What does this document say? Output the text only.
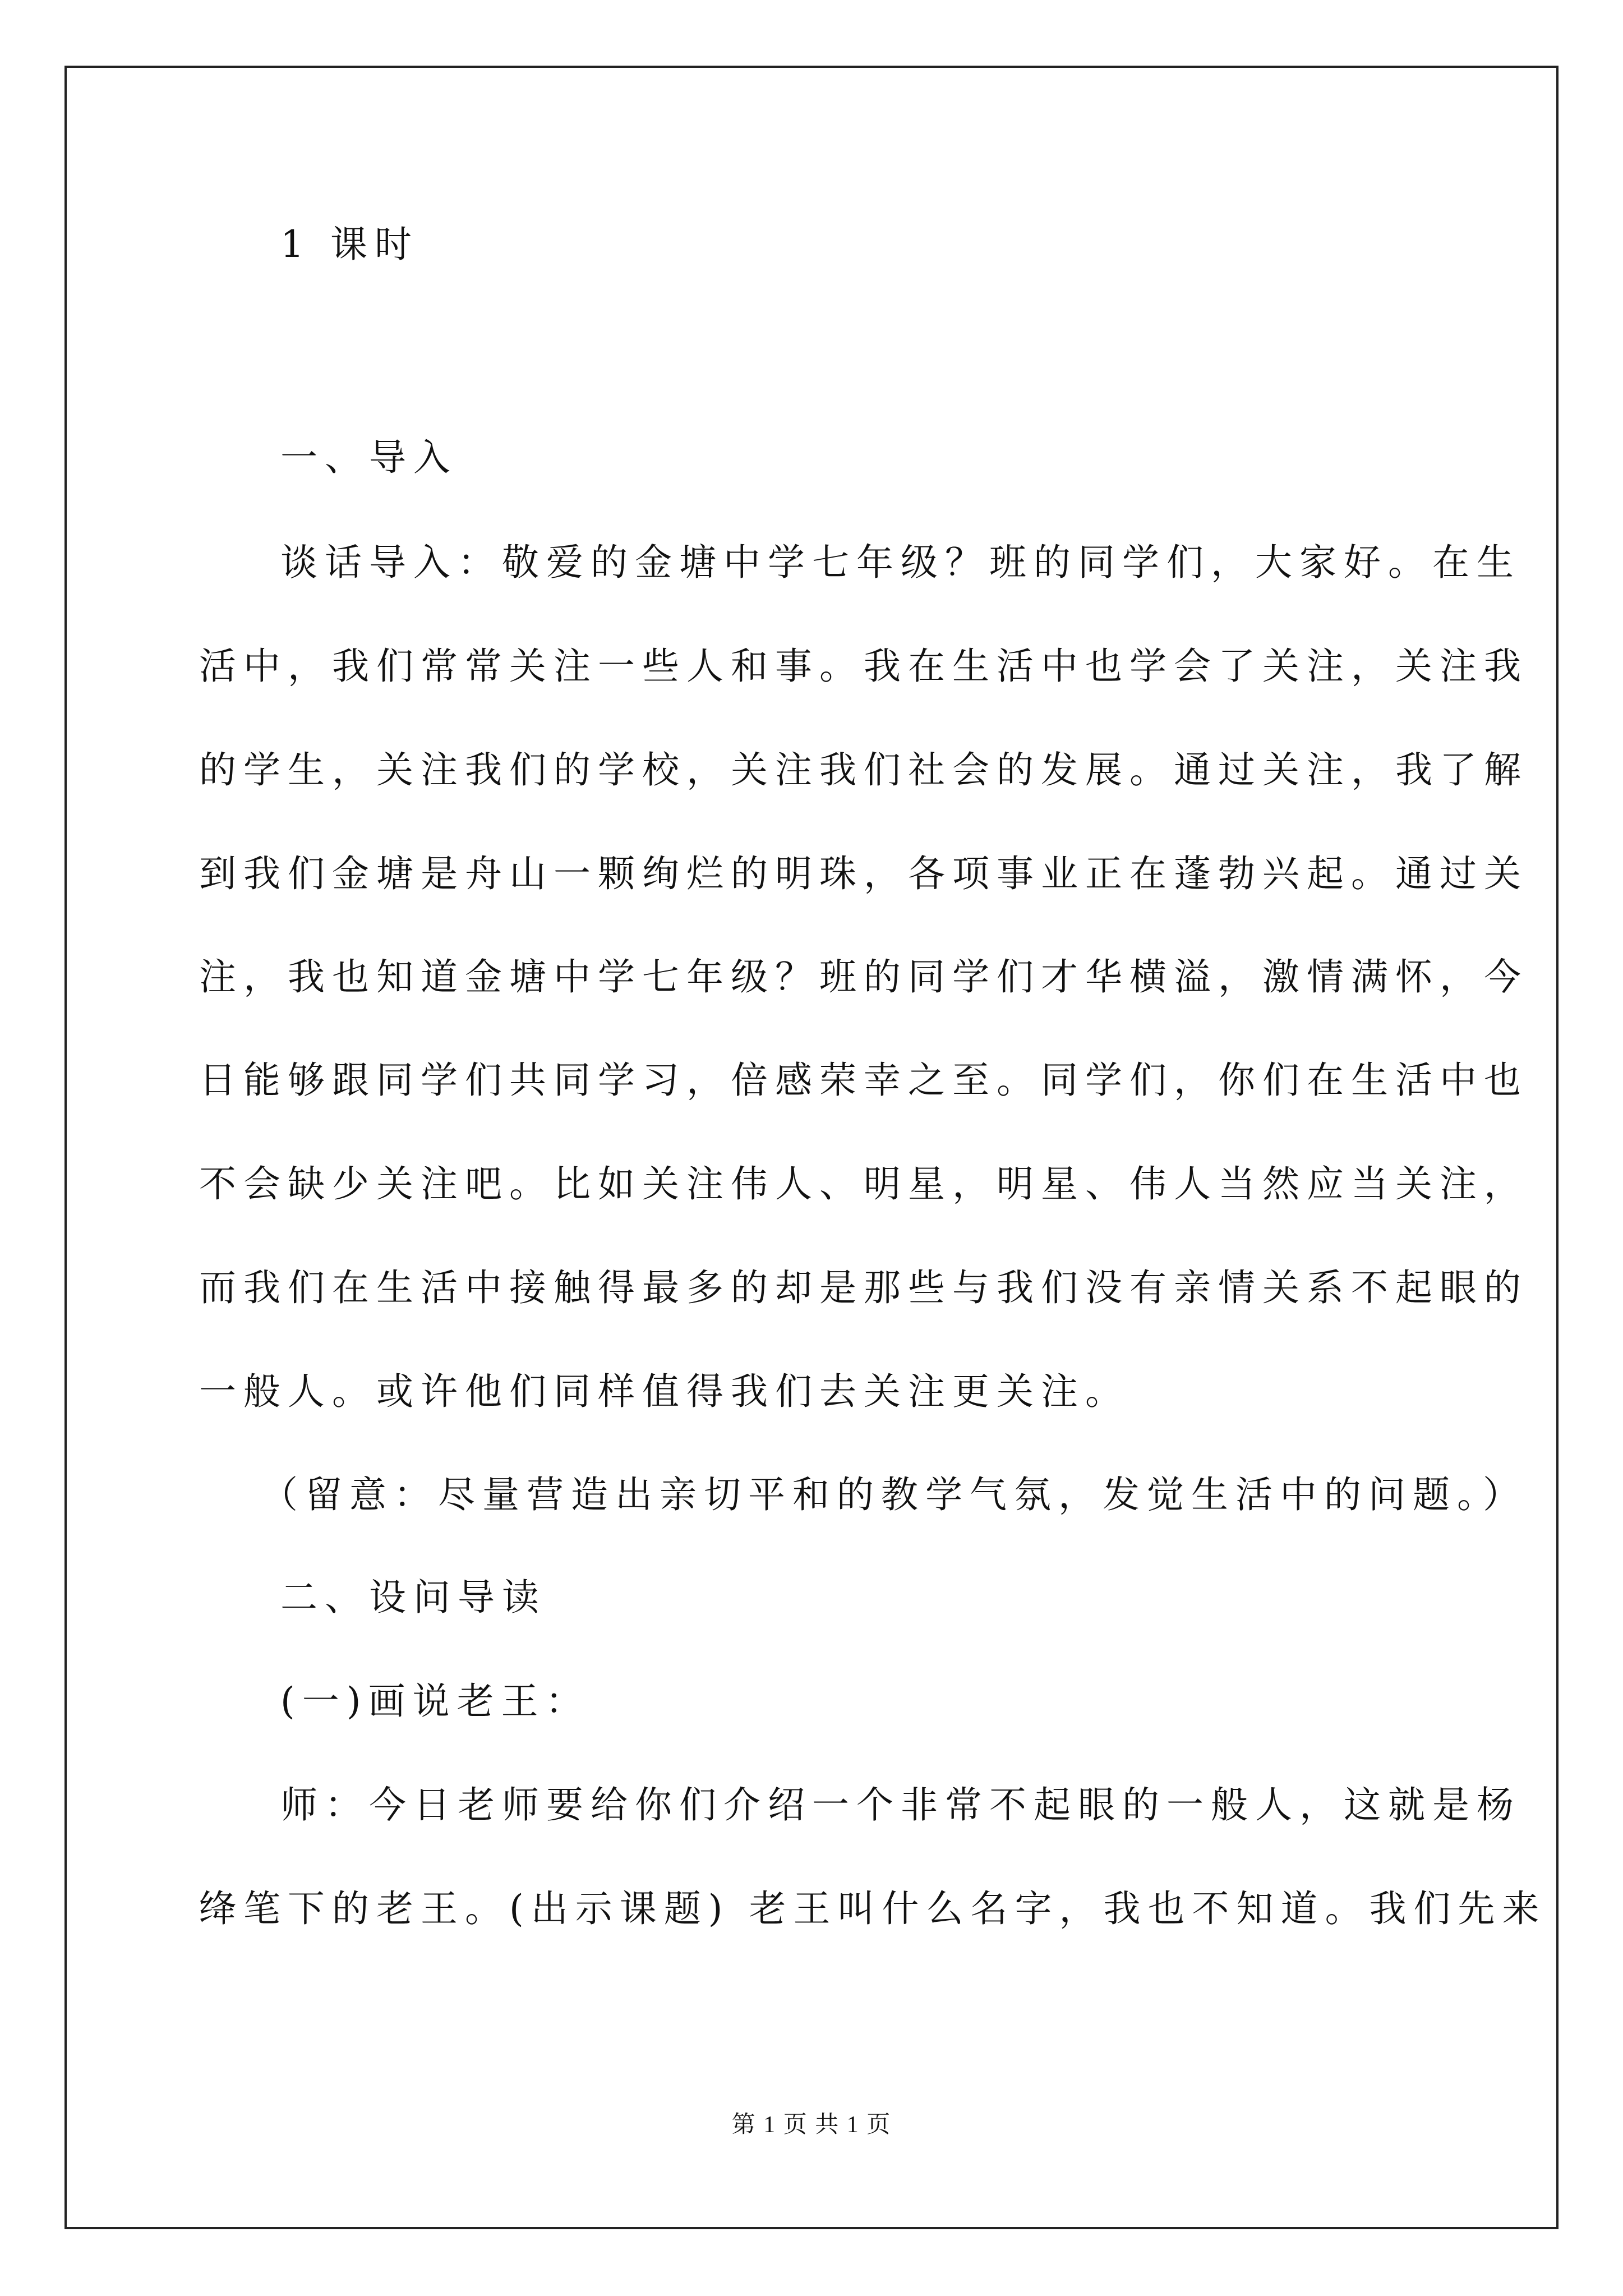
1 课时

一、导入

谈话导入：敬爱的金塘中学七年级？班的同学们，大家好。在生

活中，我们常常关注一些人和事。我在生活中也学会了关注，关注我

的学生，关注我们的学校，关注我们社会的发展。通过关注，我了解

到我们金塘是舟山一颗绚烂的明珠，各项事业正在蓬勃兴起。通过关

注，我也知道金塘中学七年级？班的同学们才华横溢，激情满怀，今

日能够跟同学们共同学习，倍感荣幸之至。同学们，你们在生活中也

不会缺少关注吧。比如关注伟人、明星，明星、伟人当然应当关注，

而我们在生活中接触得最多的却是那些与我们没有亲情关系不起眼的

一般人。或许他们同样值得我们去关注更关注。

（留意：尽量营造出亲切平和的教学气氛，发觉生活中的问题。）

二、设问导读

(一)画说老王：

师：今日老师要给你们介绍一个非常不起眼的一般人，这就是杨

绛笔下的老王。(出示课题) 老王叫什么名字，我也不知道。我们先来

第 1 页 共 1 页
